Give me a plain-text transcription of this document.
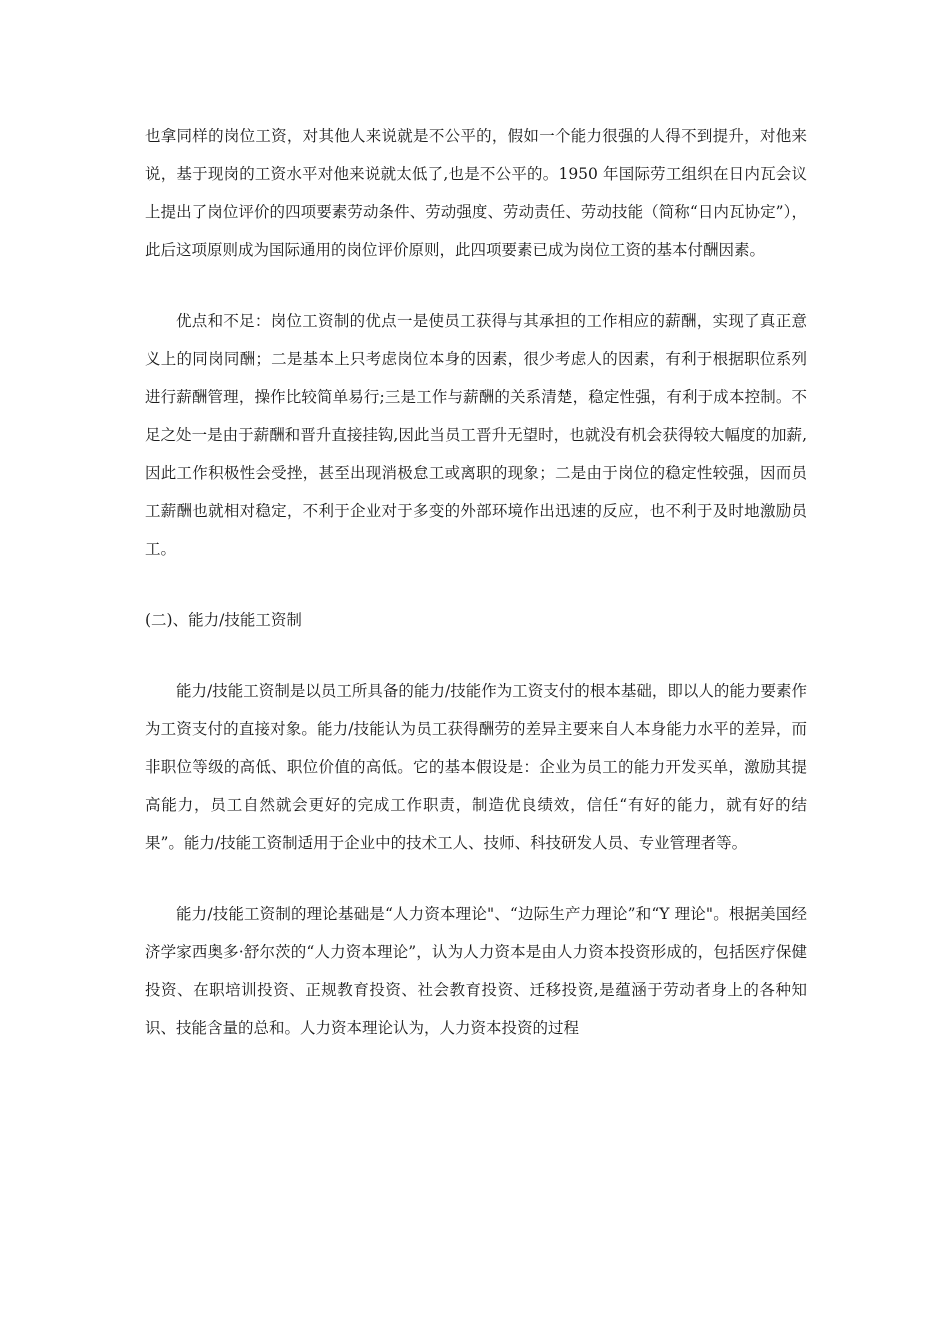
也拿同样的岗位工资，对其他人来说就是不公平的，假如一个能力很强的人得不到提升，对他来说，基于现岗的工资水平对他来说就太低了,也是不公平的。1950 年国际劳工组织在日内瓦会议上提出了岗位评价的四项要素劳动条件、劳动强度、劳动责任、劳动技能（简称“日内瓦协定”），此后这项原则成为国际通用的岗位评价原则，此四项要素已成为岗位工资的基本付酬因素。

优点和不足：岗位工资制的优点一是使员工获得与其承担的工作相应的薪酬，实现了真正意义上的同岗同酬；二是基本上只考虑岗位本身的因素，很少考虑人的因素，有利于根据职位系列进行薪酬管理，操作比较简单易行;三是工作与薪酬的关系清楚，稳定性强，有利于成本控制。不足之处一是由于薪酬和晋升直接挂钩,因此当员工晋升无望时，也就没有机会获得较大幅度的加薪,因此工作积极性会受挫，甚至出现消极怠工或离职的现象；二是由于岗位的稳定性较强，因而员工薪酬也就相对稳定，不利于企业对于多变的外部环境作出迅速的反应，也不利于及时地激励员工。

(二)、能力/技能工资制

能力/技能工资制是以员工所具备的能力/技能作为工资支付的根本基础，即以人的能力要素作为工资支付的直接对象。能力/技能认为员工获得酬劳的差异主要来自人本身能力水平的差异，而非职位等级的高低、职位价值的高低。它的基本假设是：企业为员工的能力开发买单，激励其提高能力，员工自然就会更好的完成工作职责，制造优良绩效，信任“有好的能力，就有好的结果”。能力/技能工资制适用于企业中的技术工人、技师、科技研发人员、专业管理者等。

能力/技能工资制的理论基础是“人力资本理论"、“边际生产力理论”和“Y 理论"。根据美国经济学家西奥多·舒尔茨的“人力资本理论”，认为人力资本是由人力资本投资形成的，包括医疗保健投资、在职培训投资、正规教育投资、社会教育投资、迁移投资,是蕴涵于劳动者身上的各种知识、技能含量的总和。人力资本理论认为，人力资本投资的过程
